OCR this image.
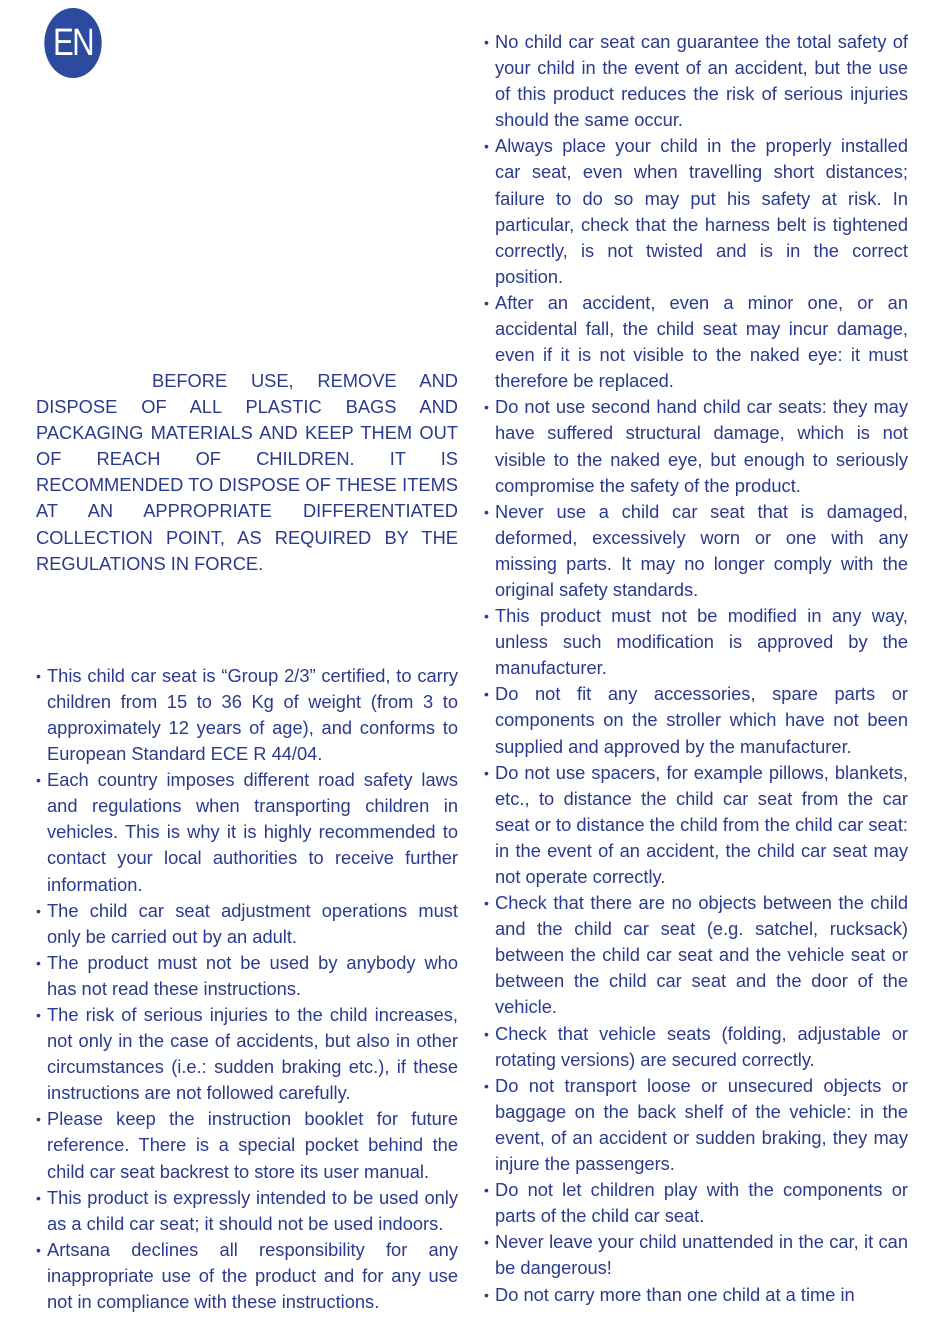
EN

BEFORE USE, REMOVE AND DISPOSE OF ALL PLASTIC BAGS AND PACKAGING MATERIALS AND KEEP THEM OUT OF REACH OF CHILDREN. IT IS RECOMMENDED TO DISPOSE OF THESE ITEMS AT AN APPROPRIATE DIFFERENTIATED COLLECTION POINT, AS REQUIRED BY THE REGULATIONS IN FORCE.

• This child car seat is “Group 2/3” certified, to carry children from 15 to 36 Kg of weight (from 3 to approximately 12 years of age), and conforms to European Standard ECE R 44/04.
• Each country imposes different road safety laws and regulations when transporting children in vehicles. This is why it is highly recommended to contact your local authorities to receive further information.
• The child car seat adjustment operations must only be carried out by an adult.
• The product must not be used by anybody who has not read these instructions.
• The risk of serious injuries to the child increases, not only in the case of accidents, but also in other circumstances (i.e.: sudden braking etc.), if these instructions are not followed carefully.
• Please keep the instruction booklet for future reference. There is a special pocket behind the child car seat backrest to store its user manual.
• This product is expressly intended to be used only as a child car seat; it should not be used indoors.
• Artsana declines all responsibility for any inappropriate use of the product and for any use not in compliance with these instructions.
• No child car seat can guarantee the total safety of your child in the event of an accident, but the use of this product reduces the risk of serious injuries should the same occur.
• Always place your child in the properly installed car seat, even when travelling short distances; failure to do so may put his safety at risk. In particular, check that the harness belt is tightened correctly, is not twisted and is in the correct position.
• After an accident, even a minor one, or an accidental fall, the child seat may incur damage, even if it is not visible to the naked eye: it must therefore be replaced.
• Do not use second hand child car seats: they may have suffered structural damage, which is not visible to the naked eye, but enough to seriously compromise the safety of the product.
• Never use a child car seat that is damaged, deformed, excessively worn or one with any missing parts. It may no longer comply with the original safety standards.
• This product must not be modified in any way, unless such modification is approved by the manufacturer.
• Do not fit any accessories, spare parts or components on the stroller which have not been supplied and approved by the manufacturer.
• Do not use spacers, for example pillows, blankets, etc., to distance the child car seat from the car seat or to distance the child from the child car seat: in the event of an accident, the child car seat may not operate correctly.
• Check that there are no objects between the child and the child car seat (e.g. satchel, rucksack) between the child car seat and the vehicle seat or between the child car seat and the door of the vehicle.
• Check that vehicle seats (folding, adjustable or rotating versions) are secured correctly.
• Do not transport loose or unsecured objects or baggage on the back shelf of the vehicle: in the event, of an accident or sudden braking, they may injure the passengers.
• Do not let children play with the components or parts of the child car seat.
• Never leave your child unattended in the car, it can be dangerous!
• Do not carry more than one child at a time in
